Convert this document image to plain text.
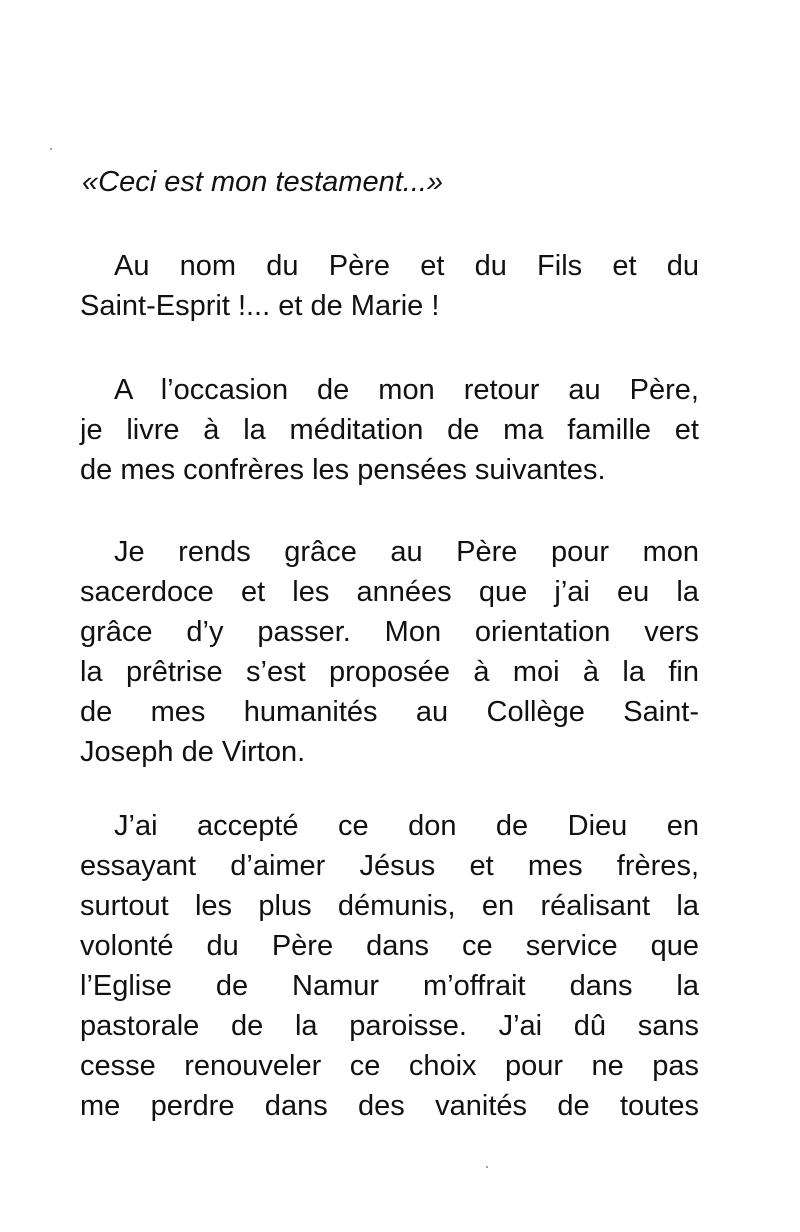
«Ceci est mon testament...»
Au nom du Père et du Fils et du
Saint-Esprit !... et de Marie !
A l’occasion de mon retour au Père,
je livre à la méditation de ma famille et
de mes confrères les pensées suivantes.
Je rends grâce au Père pour mon
sacerdoce et les années que j’ai eu la
grâce d’y passer. Mon orientation vers
la prêtrise s’est proposée à moi à la fin
de mes humanités au Collège Saint-
Joseph de Virton.
J’ai accepté ce don de Dieu en
essayant d’aimer Jésus et mes frères,
surtout les plus démunis, en réalisant la
volonté du Père dans ce service que
l’Eglise de Namur m’offrait dans la
pastorale de la paroisse. J’ai dû sans
cesse renouveler ce choix pour ne pas
me perdre dans des vanités de toutes
